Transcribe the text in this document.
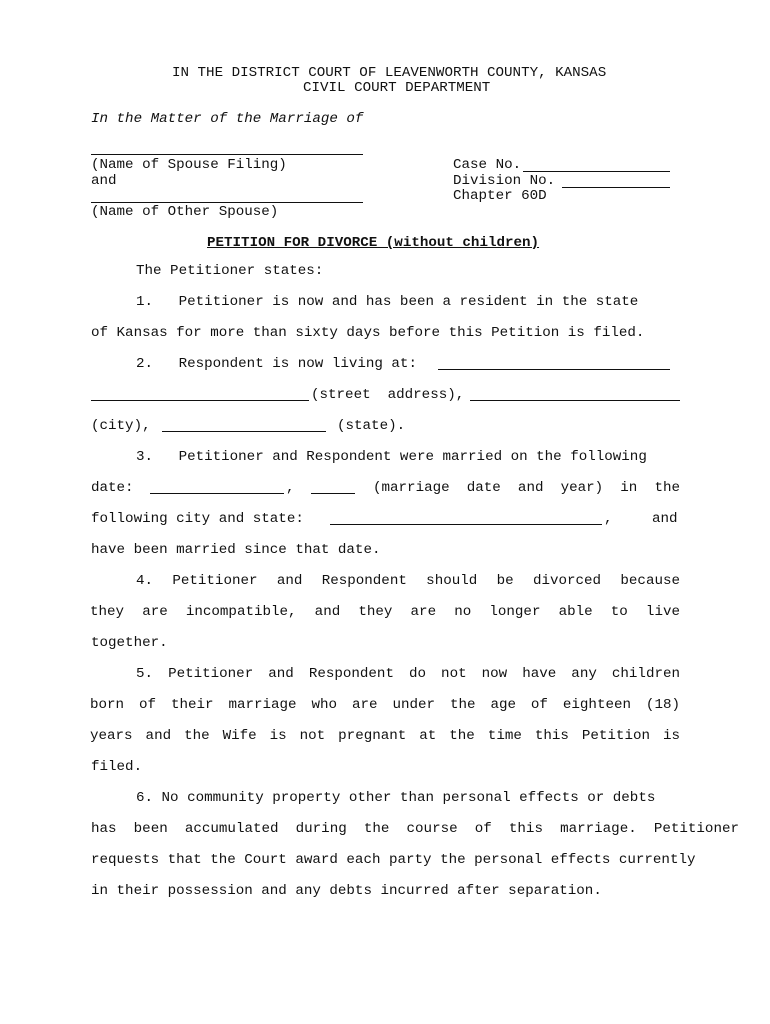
IN THE DISTRICT COURT OF LEAVENWORTH COUNTY, KANSAS
CIVIL COURT DEPARTMENT
In the Matter of the Marriage of
(Name of Spouse Filing)
and
(Name of Other Spouse)
Case No.
Division No.
Chapter 60D
PETITION FOR DIVORCE (without children)
The Petitioner states:
1.   Petitioner is now and has been a resident in the state
of Kansas for more than sixty days before this Petition is filed.
2.   Respondent is now living at:
(street  address),
(city),	(state).
3.   Petitioner and Respondent were married on the following
date:	,	(marriage date and year) in the
following city and state:	,	and
have been married since that date.
4. Petitioner and Respondent should be divorced because
they are incompatible, and they are no longer able to live
together.
5. Petitioner and Respondent do not now have any children
born of their marriage who are under the age of eighteen (18)
years and the Wife is not pregnant at the time this Petition is
filed.
6. No community property other than personal effects or debts
has been accumulated during the course of this marriage. Petitioner
requests that the Court award each party the personal effects currently
in their possession and any debts incurred after separation.
